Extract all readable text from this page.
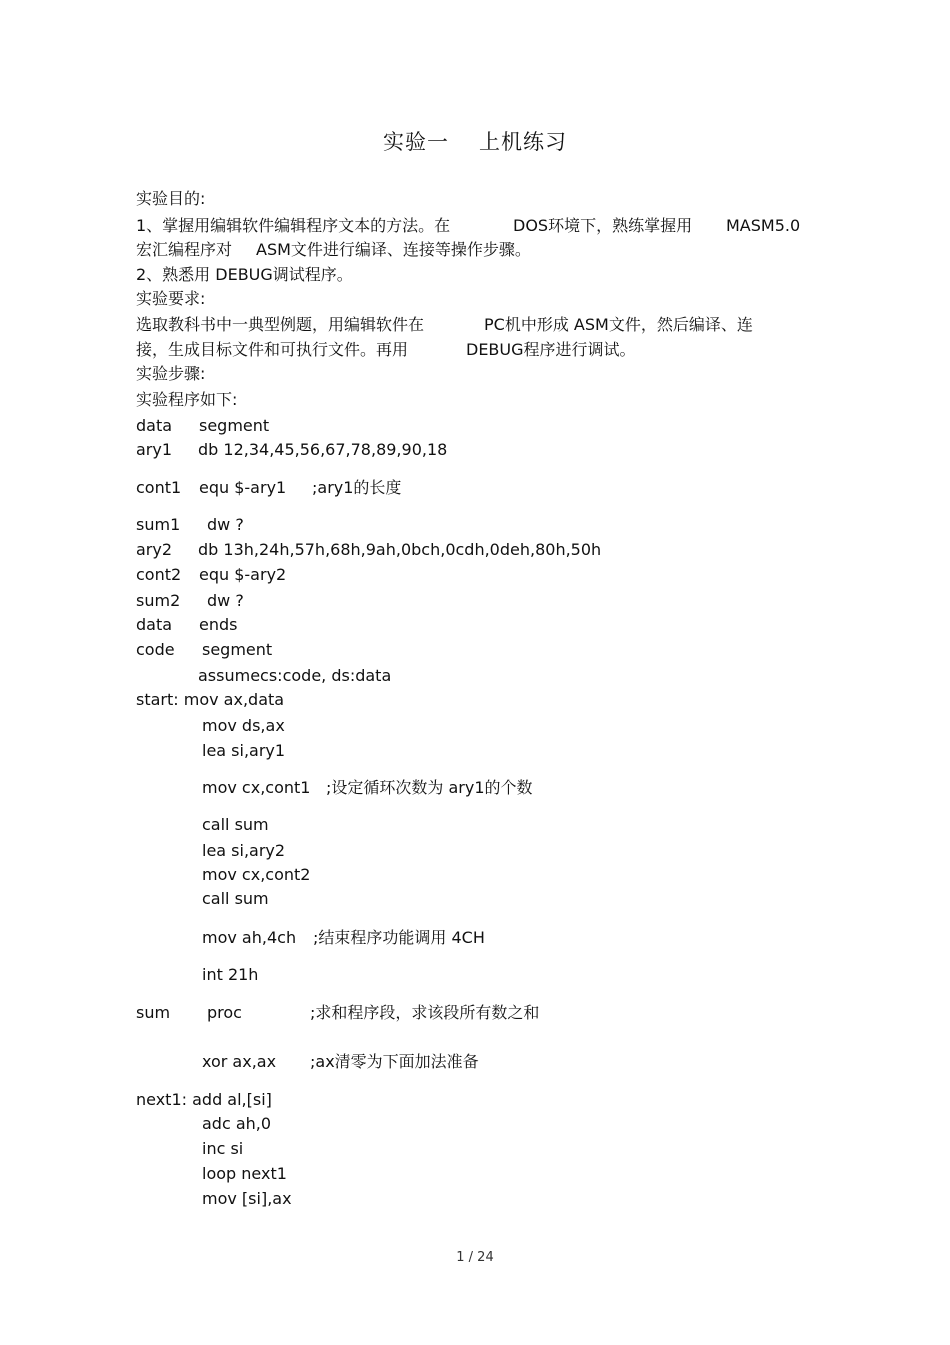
实验一 上机练习
实验目的:
1、掌握用编辑软件编辑程序文本的方法。在	DOS环境下，熟练掌握用 MASM5.0
宏汇编程序对 ASM文件进行编译、连接等操作步骤。
2、熟悉用 DEBUG调试程序。
实验要求:
选取教科书中一典型例题，用编辑软件在	PC机中形成 ASM文件，然后编译、连
接，生成目标文件和可执行文件。再用	DEBUG程序进行调试。
实验步骤:
实验程序如下:
data segment
ary1 db 12,34,45,56,67,78,89,90,18
cont1 equ $-ary1 ;ary1的长度
sum1 dw ?
ary2 db 13h,24h,57h,68h,9ah,0bch,0cdh,0deh,80h,50h
cont2 equ $-ary2
sum2 dw ?
data ends
code segment
assumecs:code, ds:data
start: mov ax,data
mov ds,ax
lea si,ary1
mov cx,cont1 ;设定循环次数为 ary1的个数
call sum
lea si,ary2
mov cx,cont2
call sum
mov ah,4ch ;结束程序功能调用 4CH
int 21h
sum proc	;求和程序段，求该段所有数之和
xor ax,ax ;ax清零为下面加法准备
next1: add al,[si]
adc ah,0
inc si
loop next1
mov [si],ax
1 / 24
